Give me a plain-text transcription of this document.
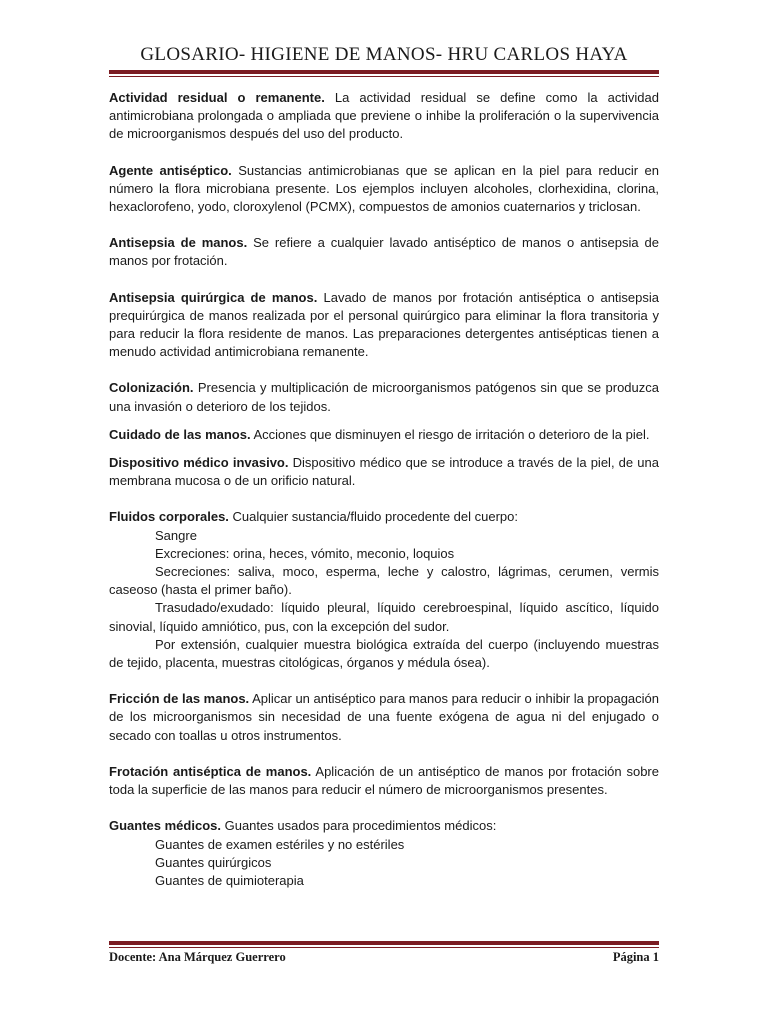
GLOSARIO- HIGIENE DE MANOS- HRU CARLOS HAYA

Actividad residual o remanente. La actividad residual se define como la actividad antimicrobiana prolongada o ampliada que previene o inhibe la proliferación o la supervivencia de microorganismos después del uso del producto.

Agente antiséptico. Sustancias antimicrobianas que se aplican en la piel para reducir en número la flora microbiana presente. Los ejemplos incluyen alcoholes, clorhexidina, clorina, hexaclorofeno, yodo, cloroxylenol (PCMX), compuestos de amonios cuaternarios y triclosan.

Antisepsia de manos. Se refiere a cualquier lavado antiséptico de manos o antisepsia de manos por frotación.

Antisepsia quirúrgica de manos. Lavado de manos por frotación antiséptica o antisepsia prequirúrgica de manos realizada por el personal quirúrgico para eliminar la flora transitoria y para reducir la flora residente de manos. Las preparaciones detergentes antisépticas tienen a menudo actividad antimicrobiana remanente.

Colonización. Presencia y multiplicación de microorganismos patógenos sin que se produzca una invasión o deterioro de los tejidos.

Cuidado de las manos. Acciones que disminuyen el riesgo de irritación o deterioro de la piel.

Dispositivo médico invasivo. Dispositivo médico que se introduce a través de la piel, de una membrana mucosa o de un orificio natural.

Fluidos corporales. Cualquier sustancia/fluido procedente del cuerpo:

Sangre

Excreciones: orina, heces, vómito, meconio, loquios

Secreciones: saliva, moco, esperma, leche y calostro, lágrimas, cerumen, vermis caseoso (hasta el primer baño).

Trasudado/exudado: líquido pleural, líquido cerebroespinal, líquido ascítico, líquido sinovial, líquido amniótico, pus, con la excepción del sudor.

Por extensión, cualquier muestra biológica extraída del cuerpo (incluyendo muestras de tejido, placenta, muestras citológicas, órganos y médula ósea).

Fricción de las manos. Aplicar un antiséptico para manos para reducir o inhibir la propagación de los microorganismos sin necesidad de una fuente exógena de agua ni del enjugado o secado con toallas u otros instrumentos.

Frotación antiséptica de manos. Aplicación de un antiséptico de manos por frotación sobre toda la superficie de las manos para reducir el número de microorganismos presentes.

Guantes médicos. Guantes usados para procedimientos médicos:

Guantes de examen estériles y no estériles

Guantes quirúrgicos

Guantes de quimioterapia

Docente: Ana Márquez Guerrero	Página 1
